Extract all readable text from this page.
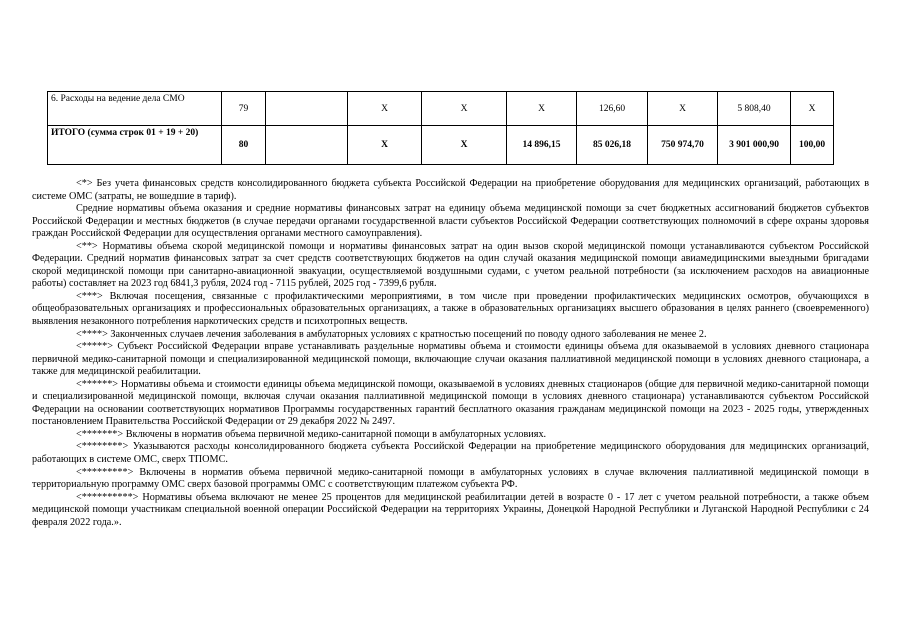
6. Расходы на ведение дела СМО	79		X	X	X	126,60	X	5 808,40	X
ИТОГО (сумма строк 01 + 19 + 20)	80		X	X	14 896,15	85 026,18	750 974,70	3 901 000,90	100,00

<*> Без учета финансовых средств консолидированного бюджета субъекта Российской Федерации на приобретение оборудования для медицинских организаций, работающих в системе ОМС (затраты, не вошедшие в тариф).

Средние нормативы объема оказания и средние нормативы финансовых затрат на единицу объема медицинской помощи за счет бюджетных ассигнований бюджетов субъектов Российской Федерации и местных бюджетов (в случае передачи органами государственной власти субъектов Российской Федерации соответствующих полномочий в сфере охраны здоровья граждан Российской Федерации для осуществления органами местного самоуправления).

<**> Нормативы объема скорой медицинской помощи и нормативы финансовых затрат на один вызов скорой медицинской помощи устанавливаются субъектом Российской Федерации. Средний норматив финансовых затрат за счет средств соответствующих бюджетов на один случай оказания медицинской помощи авиамедицинскими выездными бригадами скорой медицинской помощи при санитарно-авиационной эвакуации, осуществляемой воздушными судами, с учетом реальной потребности (за исключением расходов на авиационные работы) составляет на 2023 год 6841,3 рубля, 2024 год - 7115 рублей, 2025 год - 7399,6 рубля.

<***> Включая посещения, связанные с профилактическими мероприятиями, в том числе при проведении профилактических медицинских осмотров, обучающихся в общеобразовательных организациях и профессиональных образовательных организациях, а также в образовательных организациях высшего образования в целях раннего (своевременного) выявления незаконного потребления наркотических средств и психотропных веществ.

<****> Законченных случаев лечения заболевания в амбулаторных условиях с кратностью посещений по поводу одного заболевания не менее 2.

<*****> Субъект Российской Федерации вправе устанавливать раздельные нормативы объема и стоимости единицы объема для оказываемой в условиях дневного стационара первичной медико-санитарной помощи и специализированной медицинской помощи, включающие случаи оказания паллиативной медицинской помощи в условиях дневного стационара, а также для медицинской реабилитации.

<******> Нормативы объема и стоимости единицы объема медицинской помощи, оказываемой в условиях дневных стационаров (общие для первичной медико-санитарной помощи и специализированной медицинской помощи, включая случаи оказания паллиативной медицинской помощи в условиях дневного стационара) устанавливаются субъектом Российской Федерации на основании соответствующих нормативов Программы государственных гарантий бесплатного оказания гражданам медицинской помощи на 2023 - 2025 годы, утвержденных постановлением Правительства Российской Федерации от 29 декабря 2022 № 2497.

<*******> Включены в норматив объема первичной медико-санитарной помощи в амбулаторных условиях.

<********> Указываются расходы консолидированного бюджета субъекта Российской Федерации на приобретение медицинского оборудования для медицинских организаций, работающих в системе ОМС, сверх ТПОМС.

<*********> Включены в норматив объема первичной медико-санитарной помощи в амбулаторных условиях в случае включения паллиативной медицинской помощи в территориальную программу ОМС сверх базовой программы ОМС с соответствующим платежом субъекта РФ.

<**********> Нормативы объема включают не менее 25 процентов для медицинской реабилитации детей в возрасте 0 - 17 лет с учетом реальной потребности, а также объем медицинской помощи участникам специальной военной операции Российской Федерации на территориях Украины, Донецкой Народной Республики и Луганской Народной Республики с 24 февраля 2022 года.».
